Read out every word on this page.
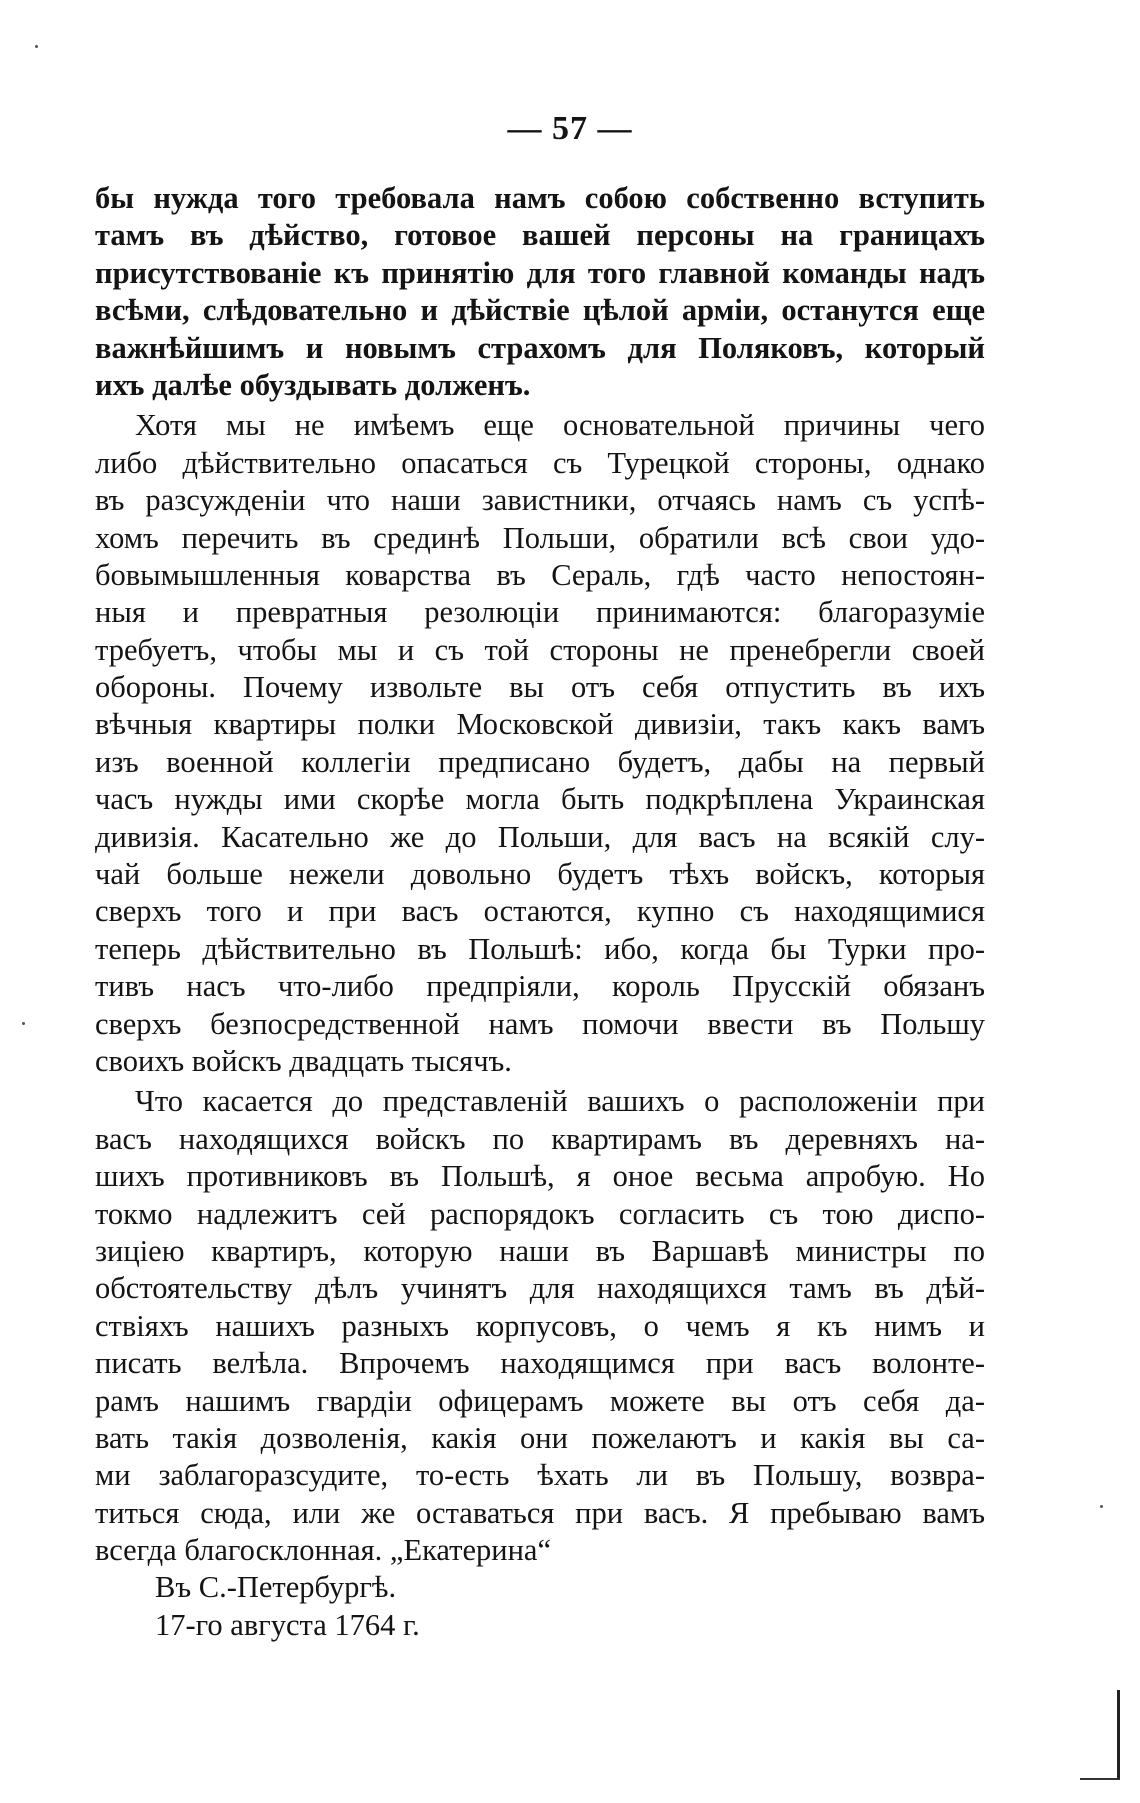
— 57 —
бы нужда того требовала намъ собою собственно вступить
тамъ въ дѣйство, готовое вашей персоны на границахъ
присутствованіе къ принятію для того главной команды надъ
всѣми, слѣдовательно и дѣйствіе цѣлой арміи, останутся еще
важнѣйшимъ и новымъ страхомъ для Поляковъ, который
ихъ далѣе обуздывать долженъ.
Хотя мы не имѣемъ еще основательной причины чего
либо дѣйствительно опасаться съ Турецкой стороны, однако
въ разсужденіи что наши завистники, отчаясь намъ съ успѣ-
хомъ перечить въ срединѣ Польши, обратили всѣ свои удо-
бовымышленныя коварства въ Сераль, гдѣ часто непостоян-
ныя и превратныя резолюціи принимаются: благоразуміе
требуетъ, чтобы мы и съ той стороны не пренебрегли своей
обороны. Почему извольте вы отъ себя отпустить въ ихъ
вѣчныя квартиры полки Московской дивизіи, такъ какъ вамъ
изъ военной коллегіи предписано будетъ, дабы на первый
часъ нужды ими скорѣе могла быть подкрѣплена Украинская
дивизія. Касательно же до Польши, для васъ на всякій слу-
чай больше нежели довольно будетъ тѣхъ войскъ, которыя
сверхъ того и при васъ остаются, купно съ находящимися
теперь дѣйствительно въ Польшѣ: ибо, когда бы Турки про-
тивъ насъ что-либо предпріяли, король Прусскій обязанъ
сверхъ безпосредственной намъ помочи ввести въ Польшу
своихъ войскъ двадцать тысячъ.
Что касается до представленій вашихъ о расположеніи при
васъ находящихся войскъ по квартирамъ въ деревняхъ на-
шихъ противниковъ въ Польшѣ, я оное весьма апробую. Но
токмо надлежитъ сей распорядокъ согласить съ тою диспо-
зиціею квартиръ, которую наши въ Варшавѣ министры по
обстоятельству дѣлъ учинятъ для находящихся тамъ въ дѣй-
ствіяхъ нашихъ разныхъ корпусовъ, о чемъ я къ нимъ и
писать велѣла. Впрочемъ находящимся при васъ волонте-
рамъ нашимъ гвардіи офицерамъ можете вы отъ себя да-
вать такія дозволенія, какія они пожелаютъ и какія вы са-
ми заблагоразсудите, то-есть ѣхать ли въ Польшу, возвра-
титься сюда, или же оставаться при васъ. Я пребываю вамъ
всегда благосклонная. „Екатерина“
Въ С.-Петербургѣ.
17-го августа 1764 г.
